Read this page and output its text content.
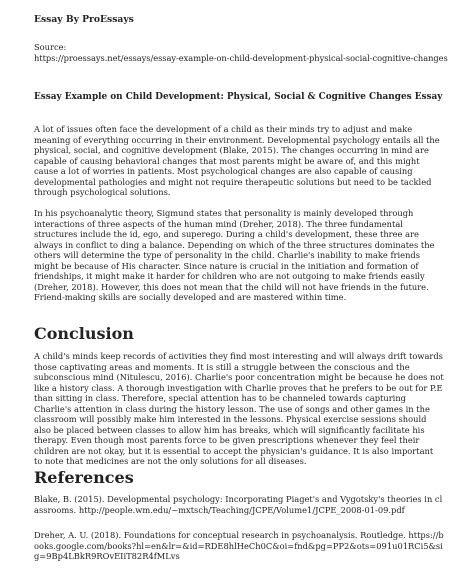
Essay By ProEssays
Source:
https://proessays.net/essays/essay-example-on-child-development-physical-social-cognitive-changes
Essay Example on Child Development: Physical, Social & Cognitive Changes Essay

A lot of issues often face the development of a child as their minds try to adjust and make meaning of everything occurring in their environment. Developmental psychology entails all the physical, social, and cognitive development (Blake, 2015). The changes occurring in mind are capable of causing behavioral changes that most parents might be aware of, and this might cause a lot of worries in patients. Most psychological changes are also capable of causing developmental pathologies and might not require therapeutic solutions but need to be tackled through psychological solutions.

In his psychoanalytic theory, Sigmund states that personality is mainly developed through interactions of three aspects of the human mind (Dreher, 2018). The three fundamental structures include the id, ego, and superego. During a child's development, these three are always in conflict to ding a balance. Depending on which of the three structures dominates the others will determine the type of personality in the child. Charlie's inability to make friends might be because of His character. Since nature is crucial in the initiation and formation of friendships, it might make it harder for children who are not outgoing to make friends easily (Dreher, 2018). However, this does not mean that the child will not have friends in the future. Friend-making skills are socially developed and are mastered within time.

Conclusion

A child's minds keep records of activities they find most interesting and will always drift towards those captivating areas and moments. It is still a struggle between the conscious and the subconscious mind (Nitulescu, 2016). Charlie's poor concentration might be because he does not like a history class. A thorough investigation with Charlie proves that he prefers to be out for P.E than sitting in class. Therefore, special attention has to be channeled towards capturing Charlie's attention in class during the history lesson. The use of songs and other games in the classroom will possibly make him interested in the lessons. Physical exercise sessions should also be placed between classes to allow him has breaks, which will significantly facilitate his therapy. Even though most parents force to be given prescriptions whenever they feel their children are not okay, but it is essential to accept the physician's guidance. It is also important to note that medicines are not the only solutions for all diseases.

References

Blake, B. (2015). Developmental psychology: Incorporating Piaget's and Vygotsky's theories in classrooms. http://people.wm.edu/~mxtsch/Teaching/JCPE/Volume1/JCPE_2008-01-09.pdf

Dreher, A. U. (2018). Foundations for conceptual research in psychoanalysis. Routledge. https://books.google.com/books?hl=en&lr=&id=RDE8hlHeCh0C&oi=fnd&pg=PP2&ots=091u01RCi5&sig=9Bp4LBkR9ROvEIiT82R4fMLvs
